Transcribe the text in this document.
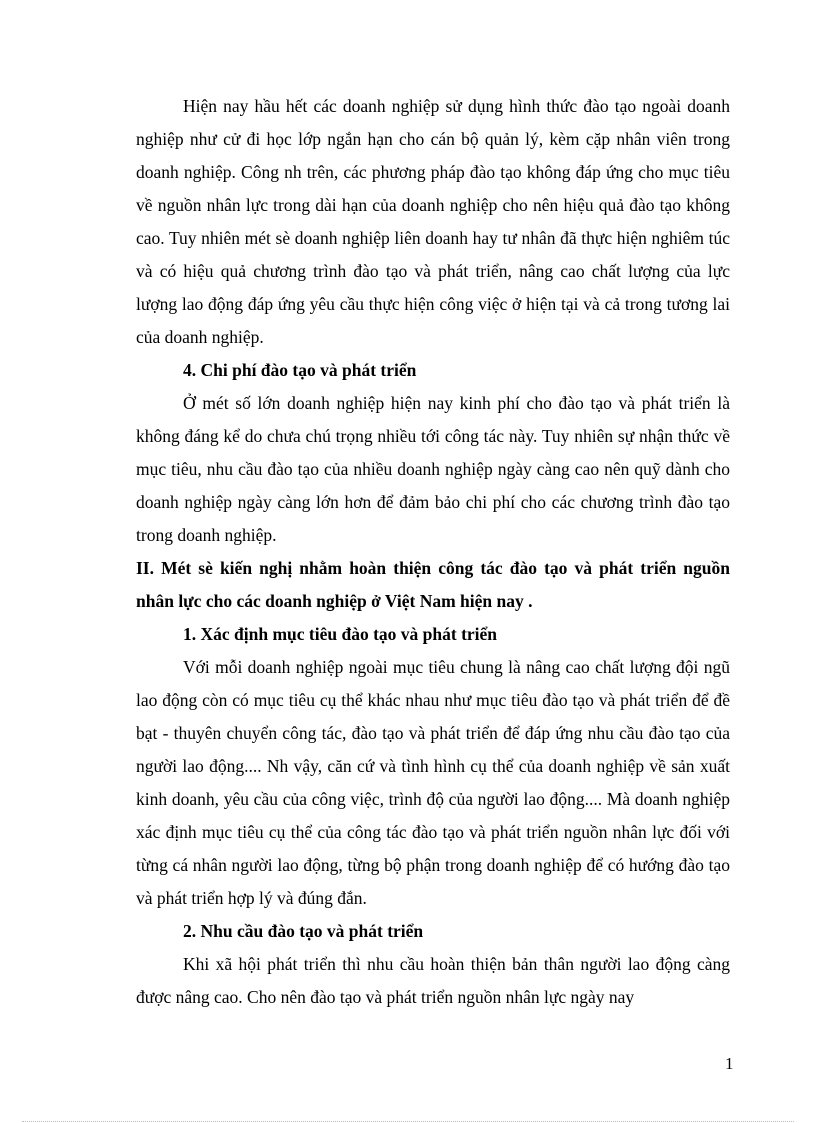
Hiện nay hầu hết các doanh nghiệp sử dụng hình thức đào tạo ngoài doanh nghiệp như cử đi học lớp ngắn hạn cho cán bộ quản lý, kèm cặp nhân viên trong doanh nghiệp. Công nh trên, các phương pháp đào tạo không đáp ứng cho mục tiêu về nguồn nhân lực trong dài hạn của doanh nghiệp cho nên hiệu quả đào tạo không cao. Tuy nhiên mét sè doanh nghiệp liên doanh hay tư nhân đã thực hiện nghiêm túc và có hiệu quả chương trình đào tạo và phát triển, nâng cao chất lượng của lực lượng lao động đáp ứng yêu cầu thực hiện công việc ở hiện tại và cả trong tương lai của doanh nghiệp.

4. Chi phí đào tạo và phát triển

Ở mét số lớn doanh nghiệp hiện nay kinh phí cho đào tạo và phát triển là không đáng kể do chưa chú trọng nhiều tới công tác này. Tuy nhiên sự nhận thức về mục tiêu, nhu cầu đào tạo của nhiều doanh nghiệp ngày càng cao nên quỹ dành cho doanh nghiệp ngày càng lớn hơn để đảm bảo chi phí cho các chương trình đào tạo trong doanh nghiệp.

II. Mét sè kiến nghị nhằm hoàn thiện công tác đào tạo và phát triển nguồn nhân lực cho các doanh nghiệp ở Việt Nam hiện nay .

1. Xác định mục tiêu đào tạo và phát triển

Với mỗi doanh nghiệp ngoài mục tiêu chung là nâng cao chất lượng đội ngũ lao động còn có mục tiêu cụ thể khác nhau như mục tiêu đào tạo và phát triển để đề bạt - thuyên chuyển công tác, đào tạo và phát triển để đáp ứng nhu cầu đào tạo của người lao động.... Nh vậy, căn cứ và tình hình cụ thể của doanh nghiệp về sản xuất kinh doanh, yêu cầu của công việc, trình độ của người lao động.... Mà doanh nghiệp xác định mục tiêu cụ thể của công tác đào tạo và phát triển nguồn nhân lực đối với từng cá nhân người lao động, từng bộ phận trong doanh nghiệp để có hướng đào tạo và phát triển hợp lý và đúng đắn.

2. Nhu cầu đào tạo và phát triển

Khi xã hội phát triển thì nhu cầu hoàn thiện bản thân người lao động càng được nâng cao. Cho nên đào tạo và phát triển nguồn nhân lực ngày nay

1
